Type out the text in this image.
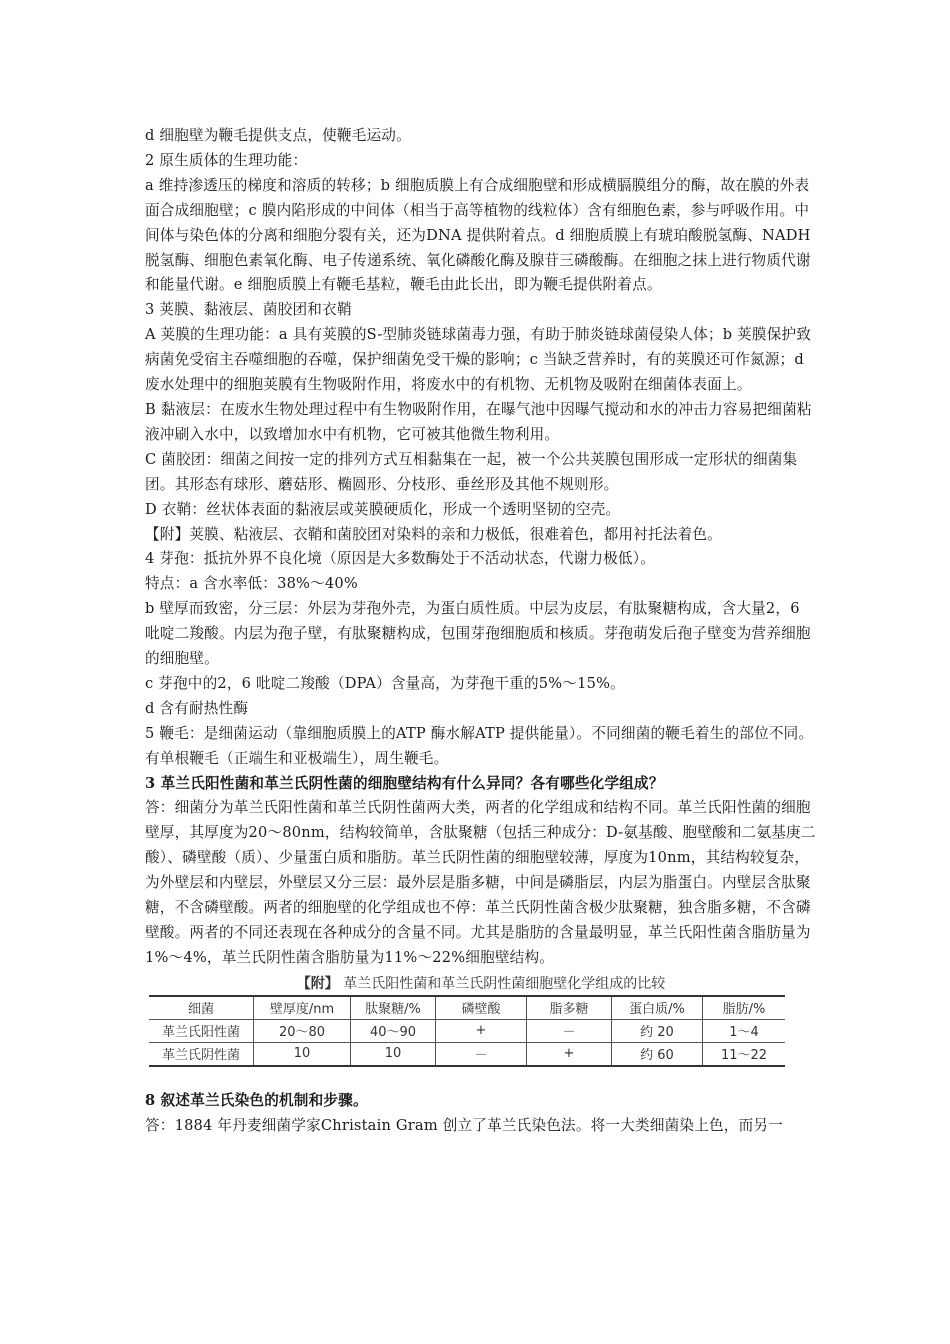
d 细胞壁为鞭毛提供支点，使鞭毛运动。

2 原生质体的生理功能：

a 维持渗透压的梯度和溶质的转移；b 细胞质膜上有合成细胞壁和形成横膈膜组分的酶，故在膜的外表面合成细胞壁；c 膜内陷形成的中间体（相当于高等植物的线粒体）含有细胞色素，参与呼吸作用。中间体与染色体的分离和细胞分裂有关，还为DNA 提供附着点。d 细胞质膜上有琥珀酸脱氢酶、NADH 脱氢酶、细胞色素氧化酶、电子传递系统、氧化磷酸化酶及腺苷三磷酸酶。在细胞之抹上进行物质代谢和能量代谢。e 细胞质膜上有鞭毛基粒，鞭毛由此长出，即为鞭毛提供附着点。

3 荚膜、黏液层、菌胶团和衣鞘

A 荚膜的生理功能：a 具有荚膜的S-型肺炎链球菌毒力强，有助于肺炎链球菌侵染人体；b 荚膜保护致病菌免受宿主吞噬细胞的吞噬，保护细菌免受干燥的影响；c 当缺乏营养时，有的荚膜还可作氮源；d 废水处理中的细胞荚膜有生物吸附作用，将废水中的有机物、无机物及吸附在细菌体表面上。

B 黏液层：在废水生物处理过程中有生物吸附作用，在曝气池中因曝气搅动和水的冲击力容易把细菌粘液冲刷入水中，以致增加水中有机物，它可被其他微生物利用。

C 菌胶团：细菌之间按一定的排列方式互相黏集在一起，被一个公共荚膜包围形成一定形状的细菌集团。其形态有球形、蘑菇形、椭圆形、分枝形、垂丝形及其他不规则形。

D 衣鞘：丝状体表面的黏液层或荚膜硬质化，形成一个透明坚韧的空壳。

【附】荚膜、粘液层、衣鞘和菌胶团对染料的亲和力极低，很难着色，都用衬托法着色。

4 芽孢：抵抗外界不良化境（原因是大多数酶处于不活动状态，代谢力极低）。

特点：a 含水率低：38%～40%

b 壁厚而致密，分三层：外层为芽孢外壳，为蛋白质性质。中层为皮层，有肽聚糖构成，含大量2，6 吡啶二羧酸。内层为孢子壁，有肽聚糖构成，包围芽孢细胞质和核质。芽孢萌发后孢子壁变为营养细胞的细胞壁。

c 芽孢中的2，6 吡啶二羧酸（DPA）含量高，为芽孢干重的5%～15%。

d 含有耐热性酶

5 鞭毛：是细菌运动（靠细胞质膜上的ATP 酶水解ATP 提供能量）。不同细菌的鞭毛着生的部位不同。有单根鞭毛（正端生和亚极端生），周生鞭毛。

3 革兰氏阳性菌和革兰氏阴性菌的细胞壁结构有什么异同？各有哪些化学组成？

答：细菌分为革兰氏阳性菌和革兰氏阴性菌两大类，两者的化学组成和结构不同。革兰氏阳性菌的细胞壁厚，其厚度为20～80nm，结构较简单，含肽聚糖（包括三种成分：D-氨基酸、胞壁酸和二氨基庚二酸）、磷壁酸（质）、少量蛋白质和脂肪。革兰氏阴性菌的细胞壁较薄，厚度为10nm，其结构较复杂，为外壁层和内壁层，外壁层又分三层：最外层是脂多糖，中间是磷脂层，内层为脂蛋白。内壁层含肽聚糖，不含磷壁酸。两者的细胞壁的化学组成也不停：革兰氏阴性菌含极少肽聚糖，独含脂多糖，不含磷壁酸。两者的不同还表现在各种成分的含量不同。尤其是脂肪的含量最明显，革兰氏阳性菌含脂肪量为1%～4%，革兰氏阴性菌含脂肪量为11%～22%细胞壁结构。

【附】 革兰氏阳性菌和革兰氏阴性菌细胞壁化学组成的比较
细菌	壁厚度/nm	肽聚糖/%	磷壁酸	脂多糖	蛋白质/%	脂肪/%
革兰氏阳性菌	20～80	40～90	+	－	约 20	1～4
革兰氏阴性菌	10	10	－	+	约 60	11～22

8 叙述革兰氏染色的机制和步骤。

答：1884 年丹麦细菌学家Christain Gram 创立了革兰氏染色法。将一大类细菌染上色，而另一
